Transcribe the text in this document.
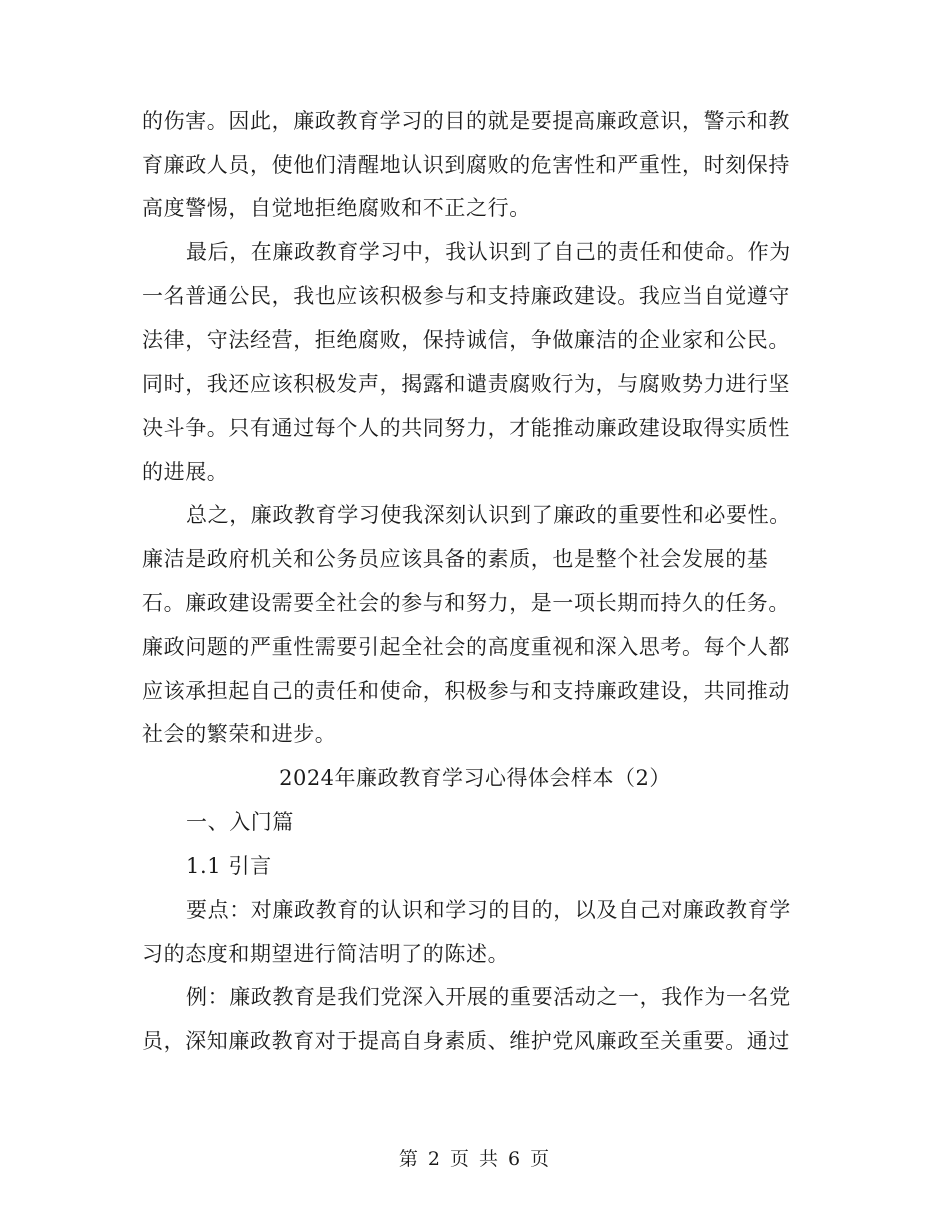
的伤害。因此，廉政教育学习的目的就是要提高廉政意识，警示和教
育廉政人员，使他们清醒地认识到腐败的危害性和严重性，时刻保持
高度警惕，自觉地拒绝腐败和不正之行。
最后，在廉政教育学习中，我认识到了自己的责任和使命。作为
一名普通公民，我也应该积极参与和支持廉政建设。我应当自觉遵守
法律，守法经营，拒绝腐败，保持诚信，争做廉洁的企业家和公民。
同时，我还应该积极发声，揭露和谴责腐败行为，与腐败势力进行坚
决斗争。只有通过每个人的共同努力，才能推动廉政建设取得实质性
的进展。
总之，廉政教育学习使我深刻认识到了廉政的重要性和必要性。
廉洁是政府机关和公务员应该具备的素质，也是整个社会发展的基
石。廉政建设需要全社会的参与和努力，是一项长期而持久的任务。
廉政问题的严重性需要引起全社会的高度重视和深入思考。每个人都
应该承担起自己的责任和使命，积极参与和支持廉政建设，共同推动
社会的繁荣和进步。
2024年廉政教育学习心得体会样本（2）
一、入门篇
1.1 引言
要点：对廉政教育的认识和学习的目的，以及自己对廉政教育学
习的态度和期望进行简洁明了的陈述。
例：廉政教育是我们党深入开展的重要活动之一，我作为一名党
员，深知廉政教育对于提高自身素质、维护党风廉政至关重要。通过
第 2 页 共 6 页
